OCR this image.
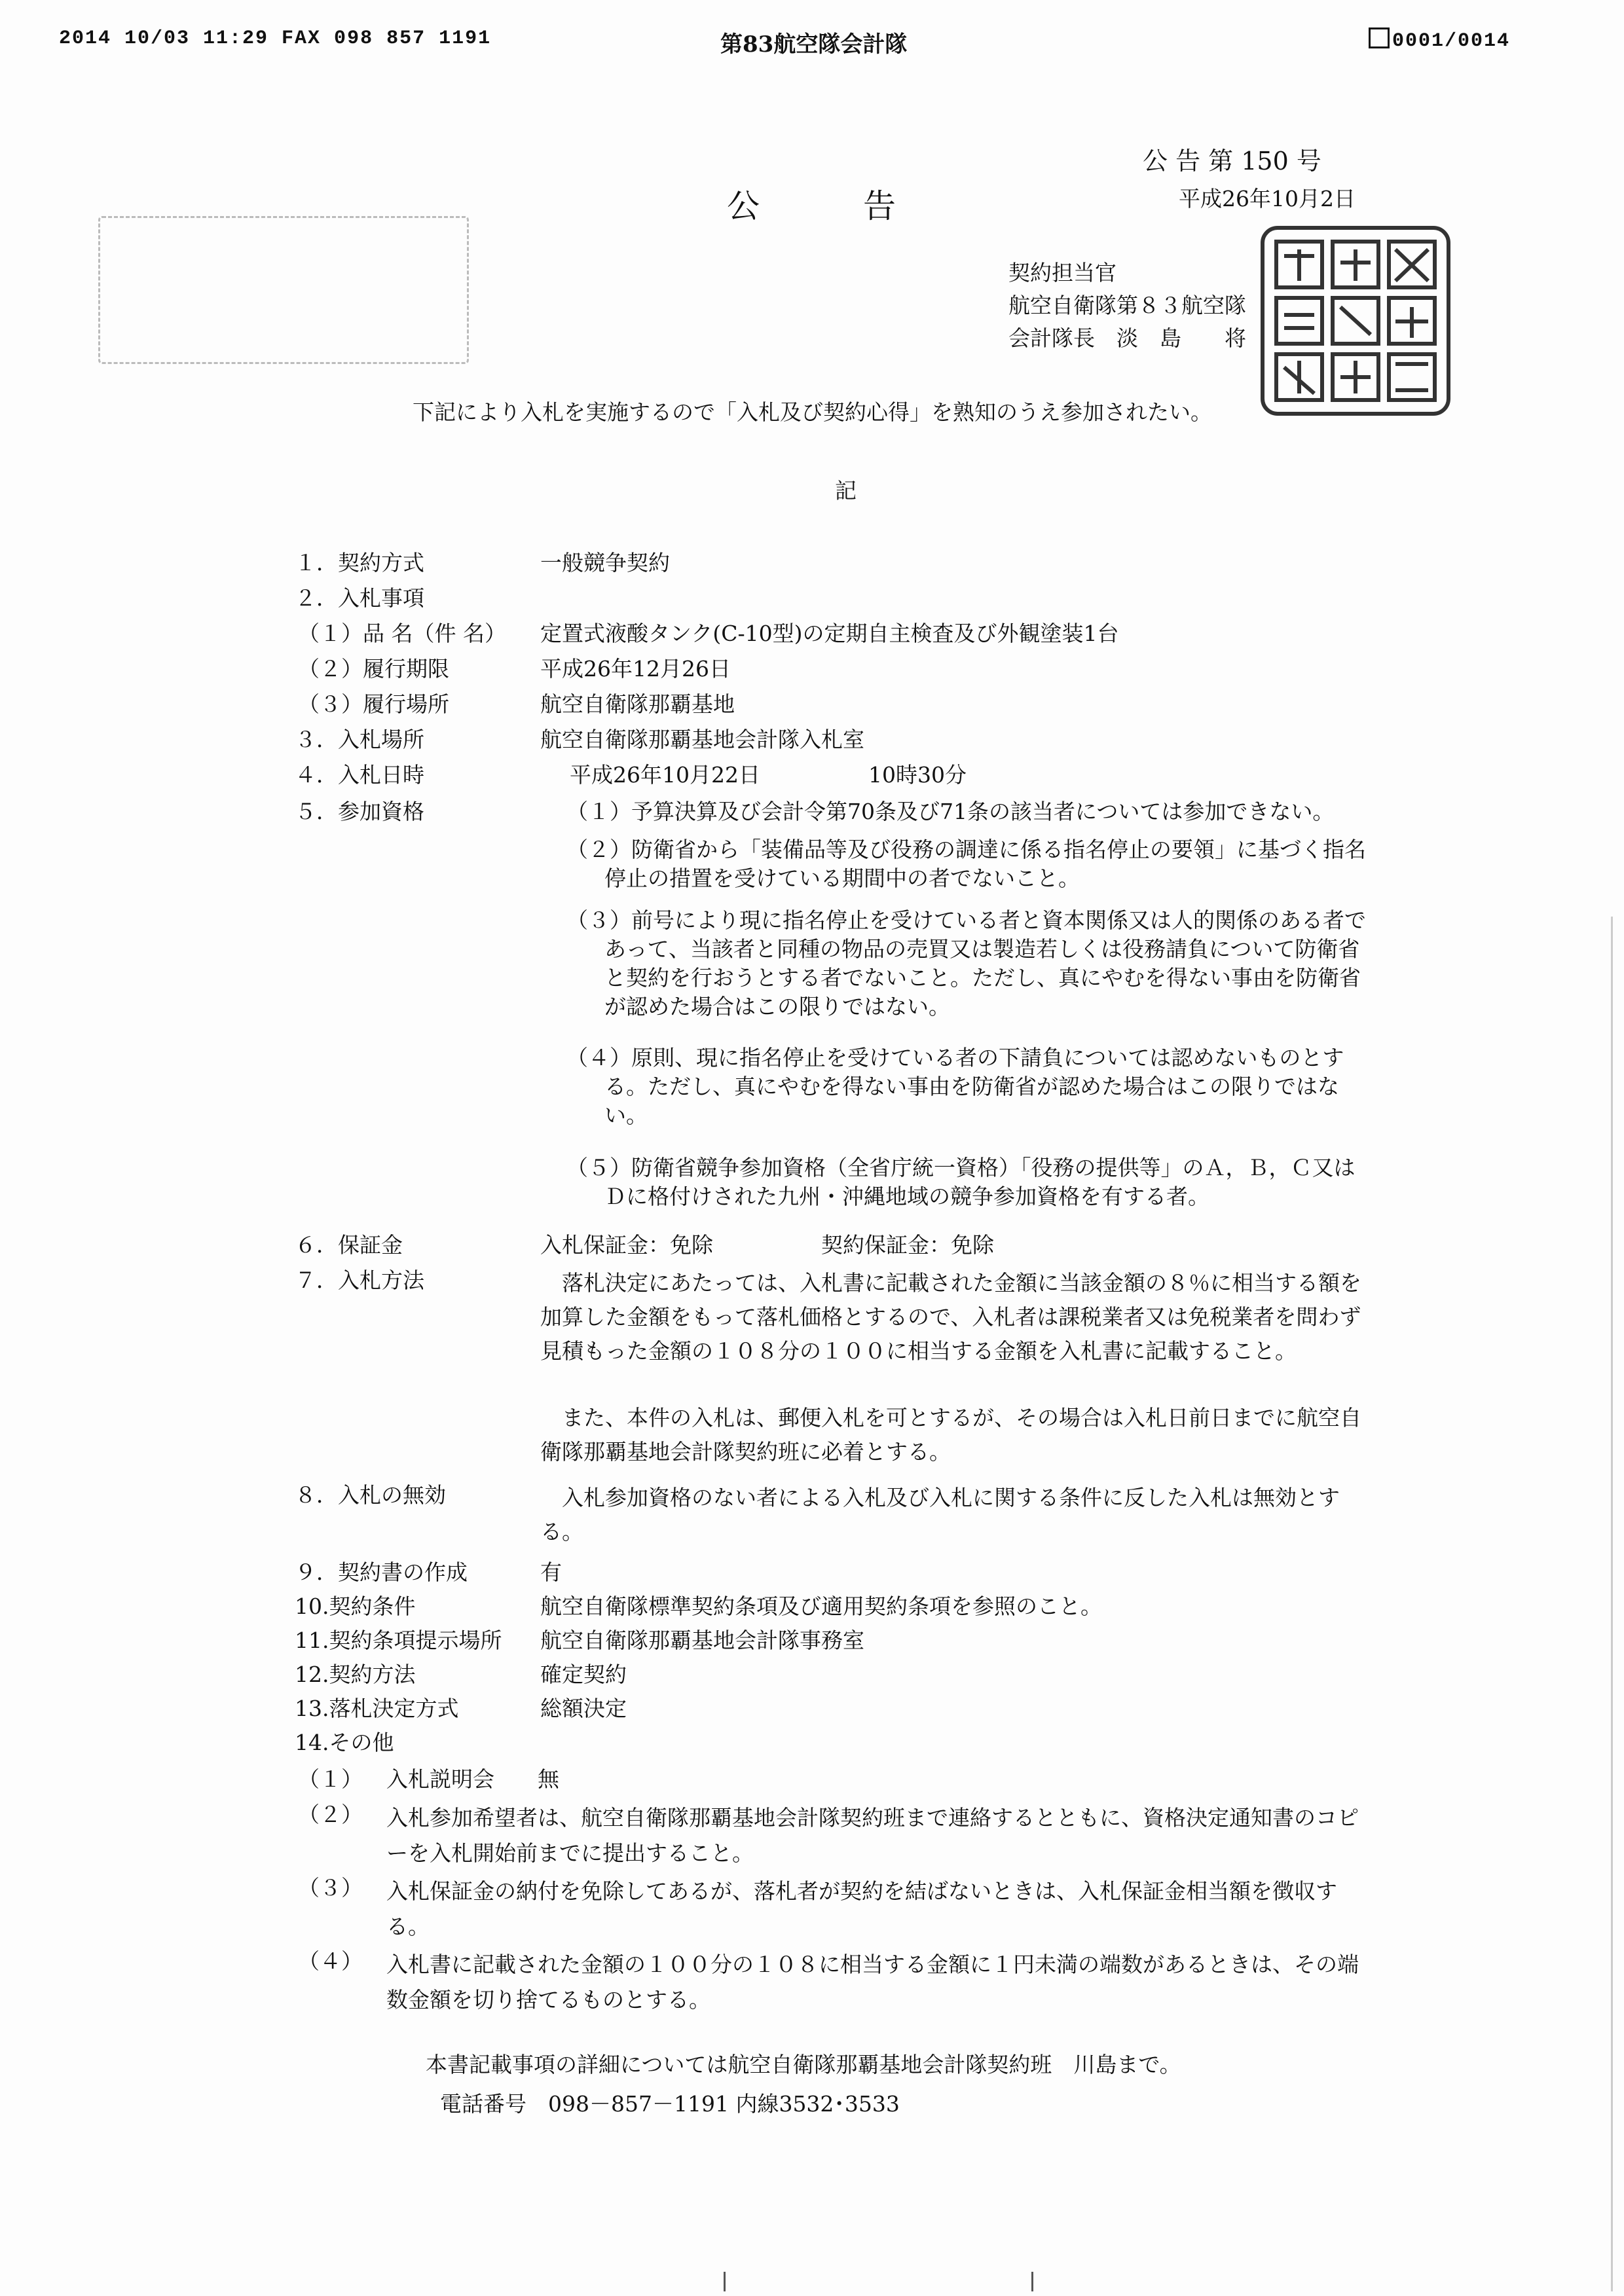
2014 10/03 11:29 FAX 098 857 1191	第83航空隊会計隊	0001/0014
公 告 第 150 号
公　　　告	平成26年10月2日
契約担当官
航空自衛隊第８３航空隊
会計隊長　淡　島　　将
下記により入札を実施するので「入札及び契約心得」を熟知のうえ参加されたい。
記
１．契約方式	一般競争契約
２．入札事項
（１）品 名（件 名） 定置式液酸タンク(C-10型)の定期自主検査及び外観塗装1台
（２）履行期限	平成26年12月26日
（３）履行場所	航空自衛隊那覇基地
３．入札場所	航空自衛隊那覇基地会計隊入札室
４．入札日時	平成26年10月22日　　　　　10時30分
５．参加資格	（１）予算決算及び会計令第70条及び71条の該当者については参加できない。
（２）防衛省から「装備品等及び役務の調達に係る指名停止の要領」に基づく指名停止の措置を受けている期間中の者でないこと。
（３）前号により現に指名停止を受けている者と資本関係又は人的関係のある者であって、当該者と同種の物品の売買又は製造若しくは役務請負について防衛省と契約を行おうとする者でないこと。ただし、真にやむを得ない事由を防衛省が認めた場合はこの限りではない。
（４）原則、現に指名停止を受けている者の下請負については認めないものとする。ただし、真にやむを得ない事由を防衛省が認めた場合はこの限りではない。
（５）防衛省競争参加資格（全省庁統一資格）「役務の提供等」のＡ，Ｂ，Ｃ又はＤに格付けされた九州・沖縄地域の競争参加資格を有する者。
６．保証金	入札保証金：免除　　　　　契約保証金：免除
７．入札方法	落札決定にあたっては、入札書に記載された金額に当該金額の８％に相当する額を加算した金額をもって落札価格とするので、入札者は課税業者又は免税業者を問わず見積もった金額の１０８分の１００に相当する金額を入札書に記載すること。
また、本件の入札は、郵便入札を可とするが、その場合は入札日前日までに航空自衛隊那覇基地会計隊契約班に必着とする。
８．入札の無効	入札参加資格のない者による入札及び入札に関する条件に反した入札は無効とする。
９．契約書の作成	有
10.契約条件	航空自衛隊標準契約条項及び適用契約条項を参照のこと。
11.契約条項提示場所 航空自衛隊那覇基地会計隊事務室
12.契約方法	確定契約
13.落札決定方式	総額決定
14.その他
（１） 入札説明会　　無
（２） 入札参加希望者は、航空自衛隊那覇基地会計隊契約班まで連絡するとともに、資格決定通知書のコピーを入札開始前までに提出すること。
（３） 入札保証金の納付を免除してあるが、落札者が契約を結ばないときは、入札保証金相当額を徴収する。
（４） 入札書に記載された金額の１００分の１０８に相当する金額に１円未満の端数があるときは、その端数金額を切り捨てるものとする。
本書記載事項の詳細については航空自衛隊那覇基地会計隊契約班　川島まで。
電話番号　098－857－1191 内線3532･3533
